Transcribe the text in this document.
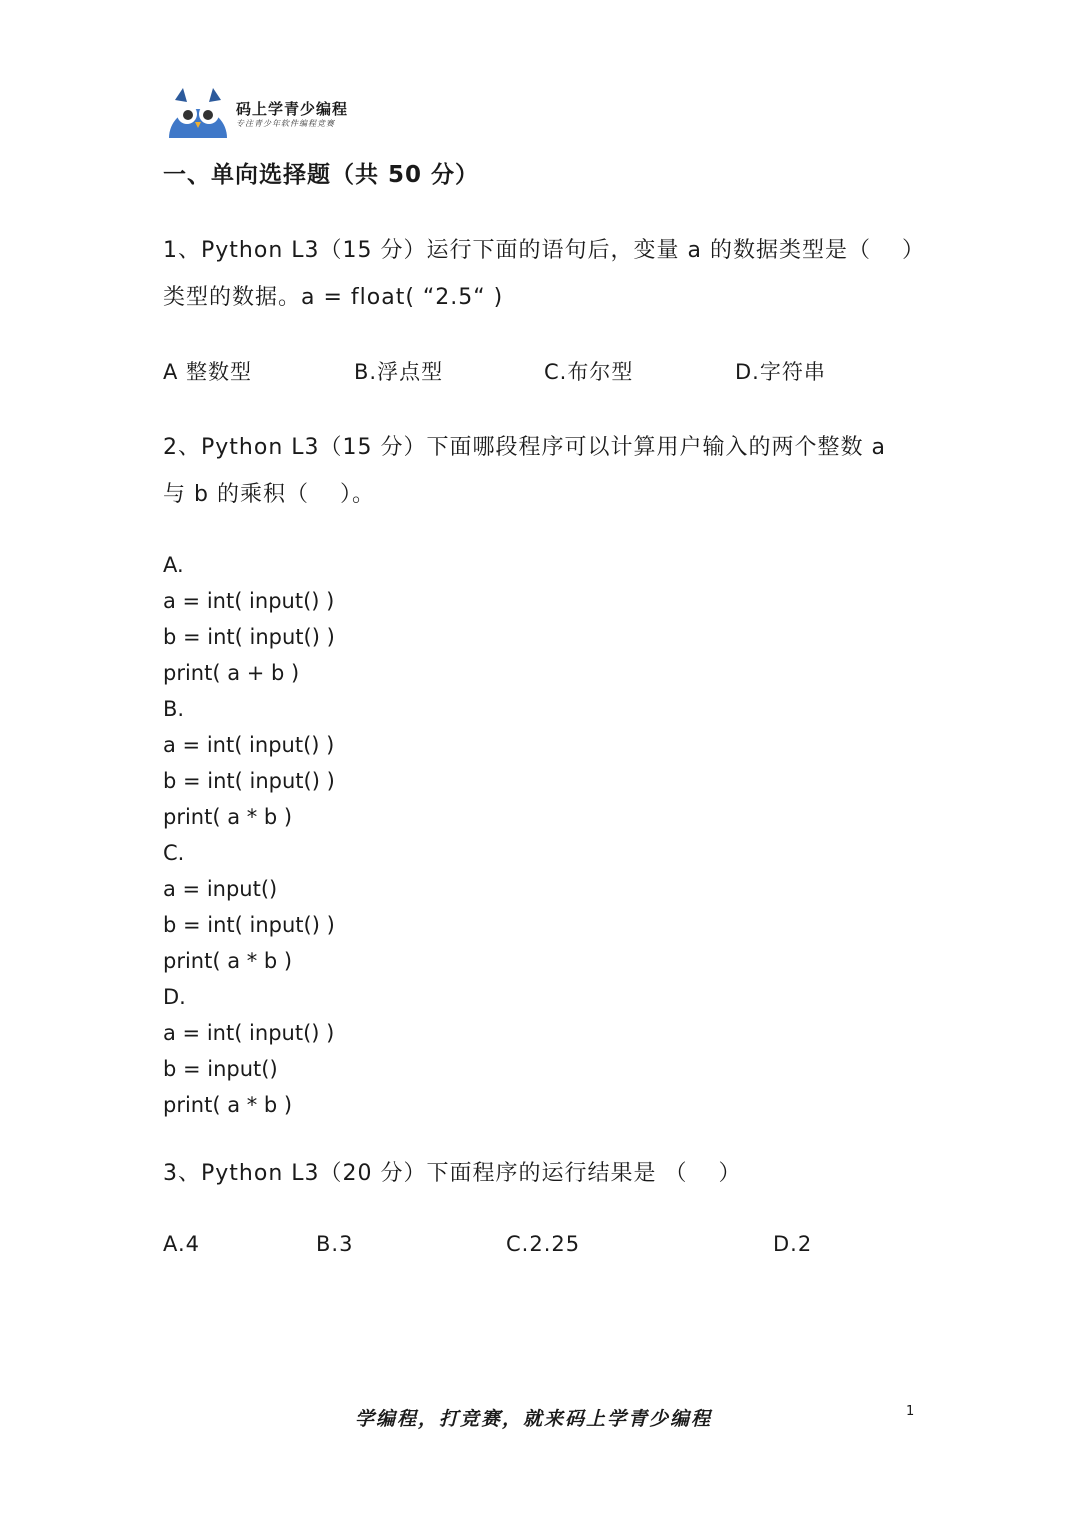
码上学青少编程
专注青少年软件编程竞赛
一、单向选择题（共 50 分）
1、Python L3（15 分）运行下面的语句后，变量 a 的数据类型是（　 ）
类型的数据。a = float( “2.5“ )
A 整数型	B.浮点型	C.布尔型	D.字符串
2、Python L3（15 分）下面哪段程序可以计算用户输入的两个整数 a
与 b 的乘积（　 ）。
A.
a = int( input() )
b = int( input() )
print( a + b )
B.
a = int( input() )
b = int( input() )
print( a * b )
C.
a = input()
b = int( input() )
print( a * b )
D.
a = int( input() )
b = input()
print( a * b )
3、Python L3（20 分）下面程序的运行结果是 （　 ）
A.4	B.3	C.2.25	D.2
学编程，打竞赛，就来码上学青少编程	1
